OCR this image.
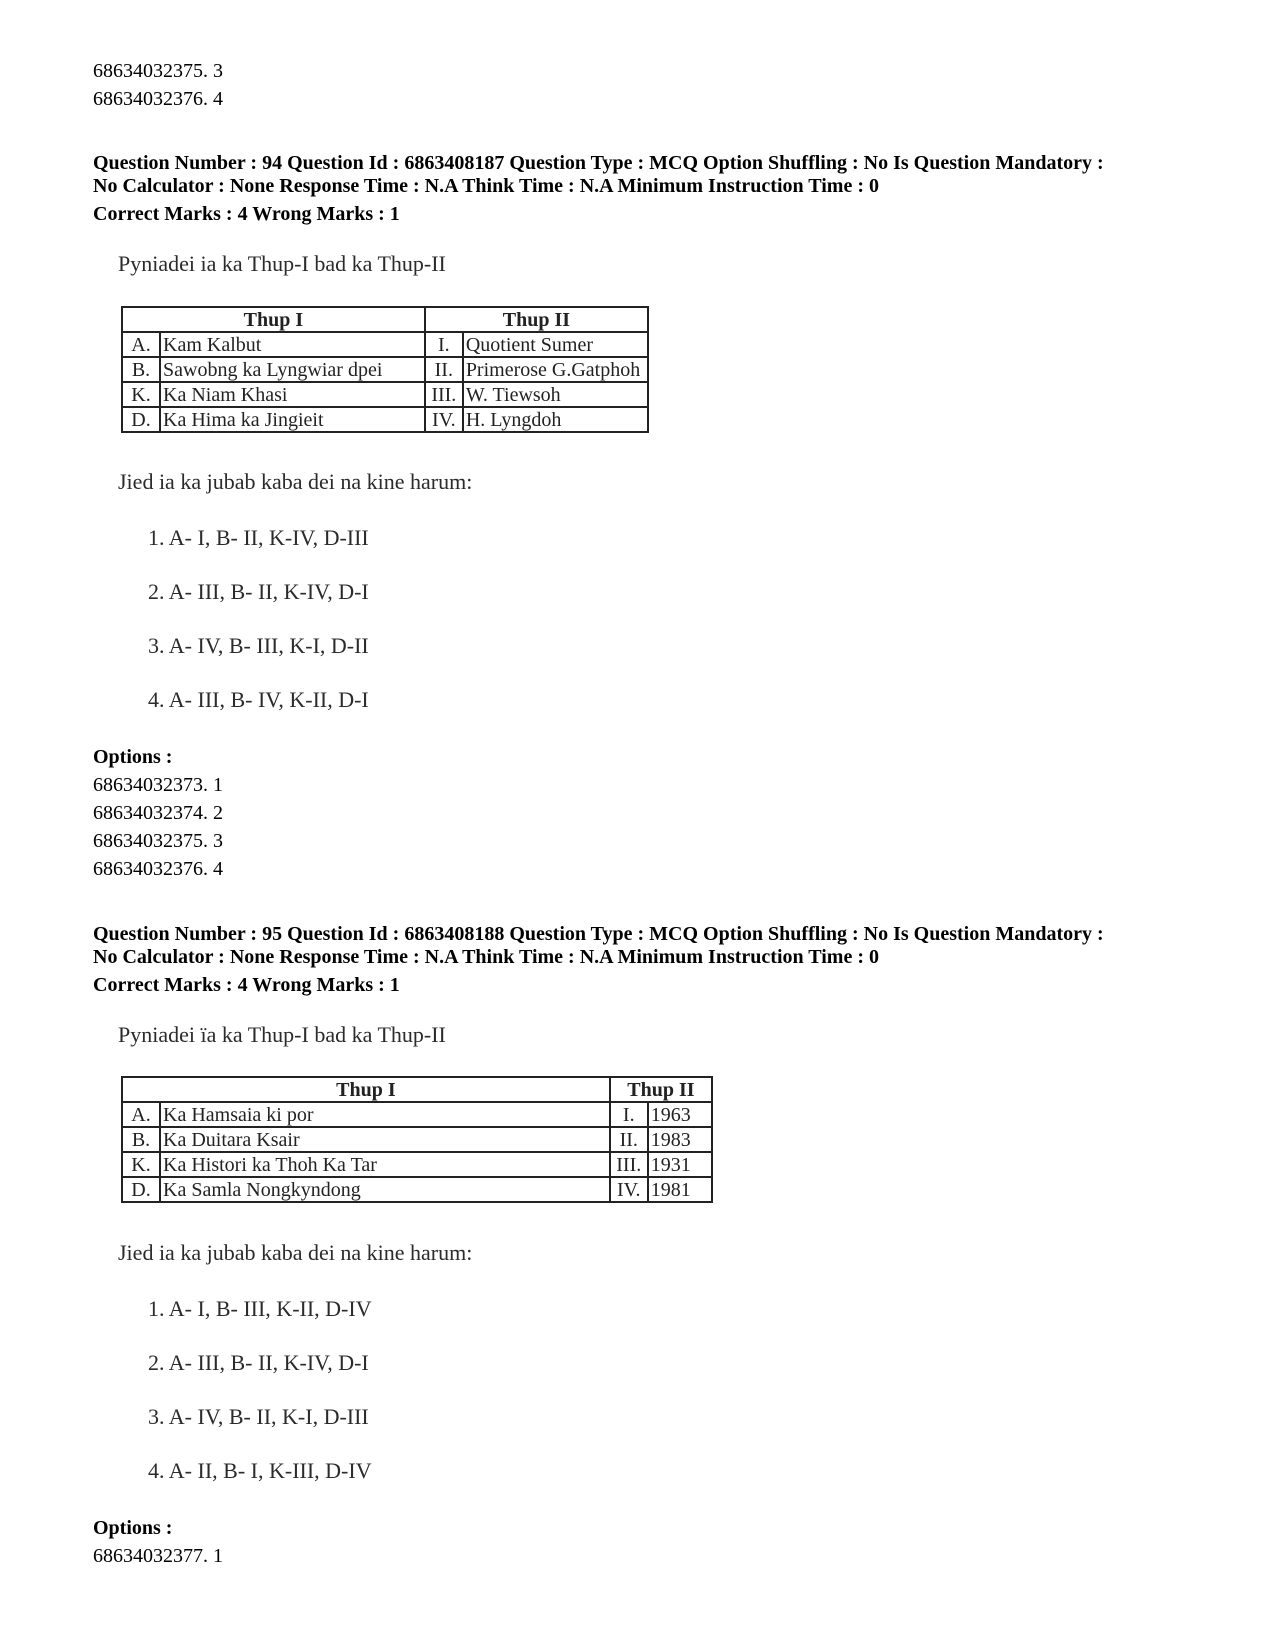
68634032375. 3
68634032376. 4
Question Number : 94 Question Id : 6863408187 Question Type : MCQ Option Shuffling : No Is Question Mandatory :
No Calculator : None Response Time : N.A Think Time : N.A Minimum Instruction Time : 0
Correct Marks : 4 Wrong Marks : 1
Pyniadei ia ka Thup-I bad ka Thup-II
Thup I		Thup II	
A.	Kam Kalbut	I.	Quotient Sumer
B.	Sawobng ka Lyngwiar dpei	II.	Primerose G.Gatphoh
K.	Ka Niam Khasi	III.	W. Tiewsoh
D.	Ka Hima ka Jingieit	IV.	H. Lyngdoh
Jied ia ka jubab kaba dei na kine harum:
1. A- I, B- II, K-IV, D-III
2. A- III, B- II, K-IV, D-I
3. A- IV, B- III, K-I, D-II
4. A- III, B- IV, K-II, D-I
Options :
68634032373. 1
68634032374. 2
68634032375. 3
68634032376. 4
Question Number : 95 Question Id : 6863408188 Question Type : MCQ Option Shuffling : No Is Question Mandatory :
No Calculator : None Response Time : N.A Think Time : N.A Minimum Instruction Time : 0
Correct Marks : 4 Wrong Marks : 1
Pyniadei ïa ka Thup-I bad ka Thup-II
Thup I		Thup II	
A.	Ka Hamsaia ki por	I.	1963
B.	Ka Duitara Ksair	II.	1983
K.	Ka Histori ka Thoh Ka Tar	III.	1931
D.	Ka Samla Nongkyndong	IV.	1981
Jied ia ka jubab kaba dei na kine harum:
1. A- I, B- III, K-II, D-IV
2. A- III, B- II, K-IV, D-I
3. A- IV, B- II, K-I, D-III
4. A- II, B- I, K-III, D-IV
Options :
68634032377. 1
